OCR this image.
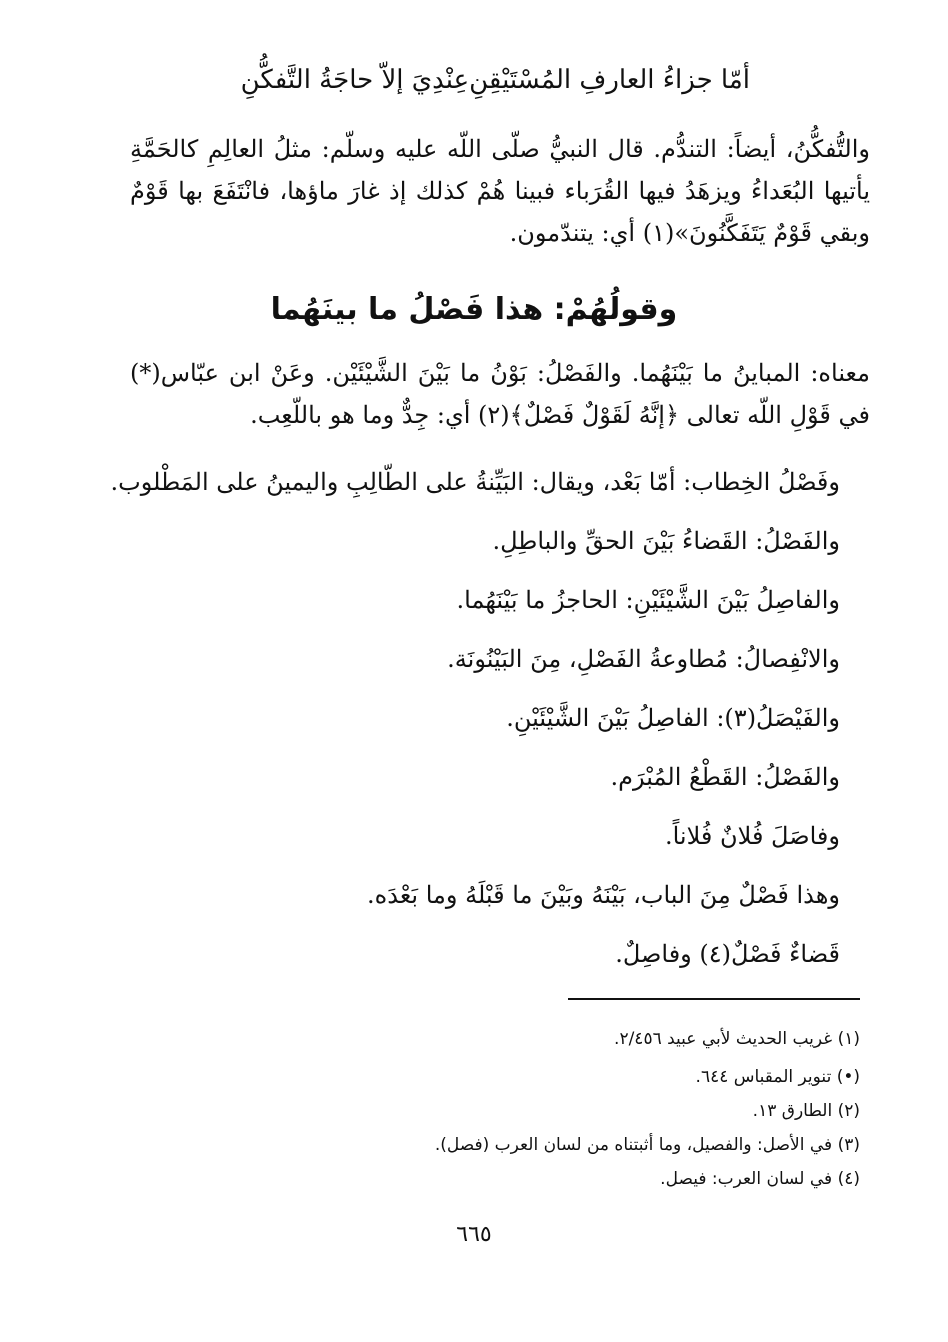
أمّا جزاءُ العارفِ المُسْتَيْقِنِ
عِنْدِيَ إلاّ حاجَةُ التَّفكُّنِ

والتُّفكُّنُ، أيضاً: التندُّم. قال النبيُّ صلّى اللّه عليه وسلّم: مثلُ العالِمِ كالحَمَّةِ يأتيها البُعَداءُ ويزهَدُ فيها القُرَباء فبينا هُمْ كذلك إذ غارَ ماؤها، فانْتَفَعَ بها قَوْمٌ وبقي قَوْمٌ يَتَفَكَّنُونَ»(١) أي: يتندّمون.

وقولُهُمْ: هذا فَصْلُ ما بينَهُما

معناه: المباينُ ما بَيْنَهُما. والفَصْلُ: بَوْنُ ما بَيْنَ الشَّيْئَيْن. وعَنْ ابن عبّاس(*) في قَوْلِ اللّه تعالى ﴿إنَّهُ لَقَوْلٌ فَصْلٌ﴾(٢) أي: جِدٌّ وما هو باللّعِب.

وفَصْلُ الخِطاب: أمّا بَعْد، ويقال: البَيِّنةُ على الطّالِبِ واليمينُ على المَطْلوب.
والفَصْلُ: القَضاءُ بَيْنَ الحقِّ والباطِلِ.
والفاصِلُ بَيْنَ الشَّيْئَيْنِ: الحاجزُ ما بَيْنَهُما.
والانْفِصالُ: مُطاوعةُ الفَصْلِ، مِنَ البَيْنُونَة.
والفَيْصَلُ(٣): الفاصِلُ بَيْنَ الشَّيْئَيْنِ.
والفَصْلُ: القَطْعُ المُبْرَم.
وفاصَلَ فُلانٌ فُلاناً.
وهذا فَصْلٌ مِنَ الباب، بَيْنَهُ وبَيْنَ ما قَبْلَهُ وما بَعْدَه.
قَضاءٌ فَصْلٌ(٤) وفاصِلٌ.
(١) غريب الحديث لأبي عبيد ٢/٤٥٦.
(•) تنوير المقباس ٦٤٤.
(٢) الطارق ١٣.
(٣) في الأصل: والفصيل، وما أثبتناه من لسان العرب (فصل).
(٤) في لسان العرب: فيصل.
٦٦٥
